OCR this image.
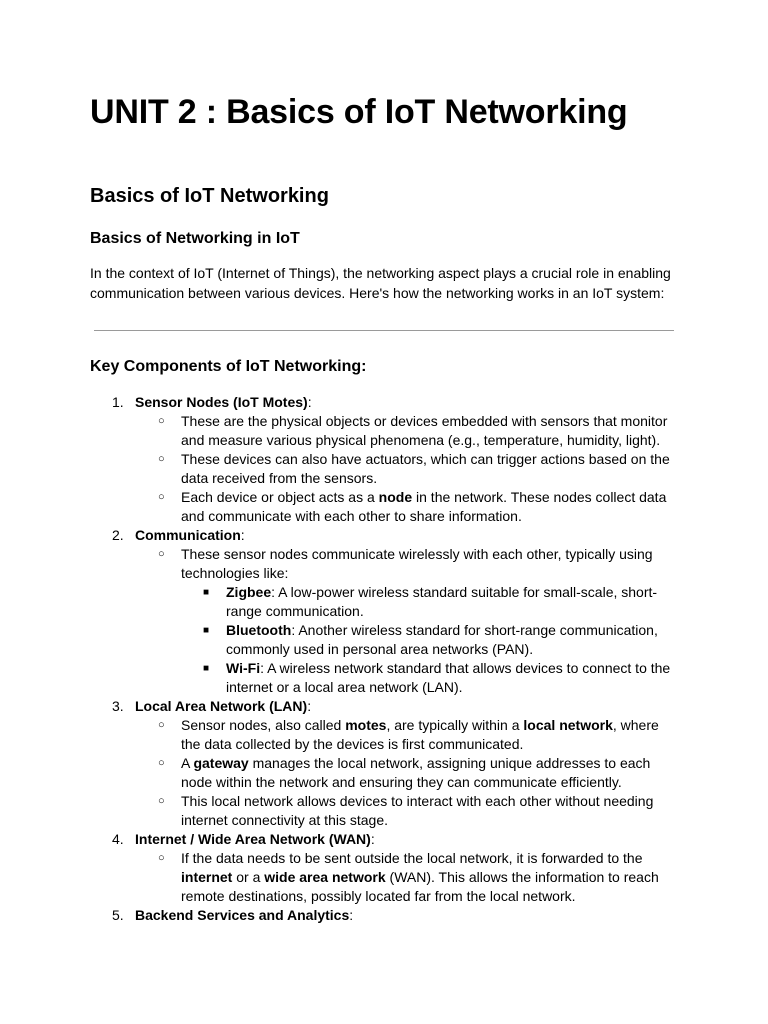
UNIT 2 : Basics of IoT Networking
Basics of IoT Networking
Basics of Networking in IoT

In the context of IoT (Internet of Things), the networking aspect plays a crucial role in enabling communication between various devices. Here's how the networking works in an IoT system:

Key Components of IoT Networking:
1. Sensor Nodes (IoT Motes):
○ These are the physical objects or devices embedded with sensors that monitor and measure various physical phenomena (e.g., temperature, humidity, light).
○ These devices can also have actuators, which can trigger actions based on the data received from the sensors.
○ Each device or object acts as a node in the network. These nodes collect data and communicate with each other to share information.
2. Communication:
○ These sensor nodes communicate wirelessly with each other, typically using technologies like:
■ Zigbee: A low-power wireless standard suitable for small-scale, short-range communication.
■ Bluetooth: Another wireless standard for short-range communication, commonly used in personal area networks (PAN).
■ Wi-Fi: A wireless network standard that allows devices to connect to the internet or a local area network (LAN).
3. Local Area Network (LAN):
○ Sensor nodes, also called motes, are typically within a local network, where the data collected by the devices is first communicated.
○ A gateway manages the local network, assigning unique addresses to each node within the network and ensuring they can communicate efficiently.
○ This local network allows devices to interact with each other without needing internet connectivity at this stage.
4. Internet / Wide Area Network (WAN):
○ If the data needs to be sent outside the local network, it is forwarded to the internet or a wide area network (WAN). This allows the information to reach remote destinations, possibly located far from the local network.
5. Backend Services and Analytics:
